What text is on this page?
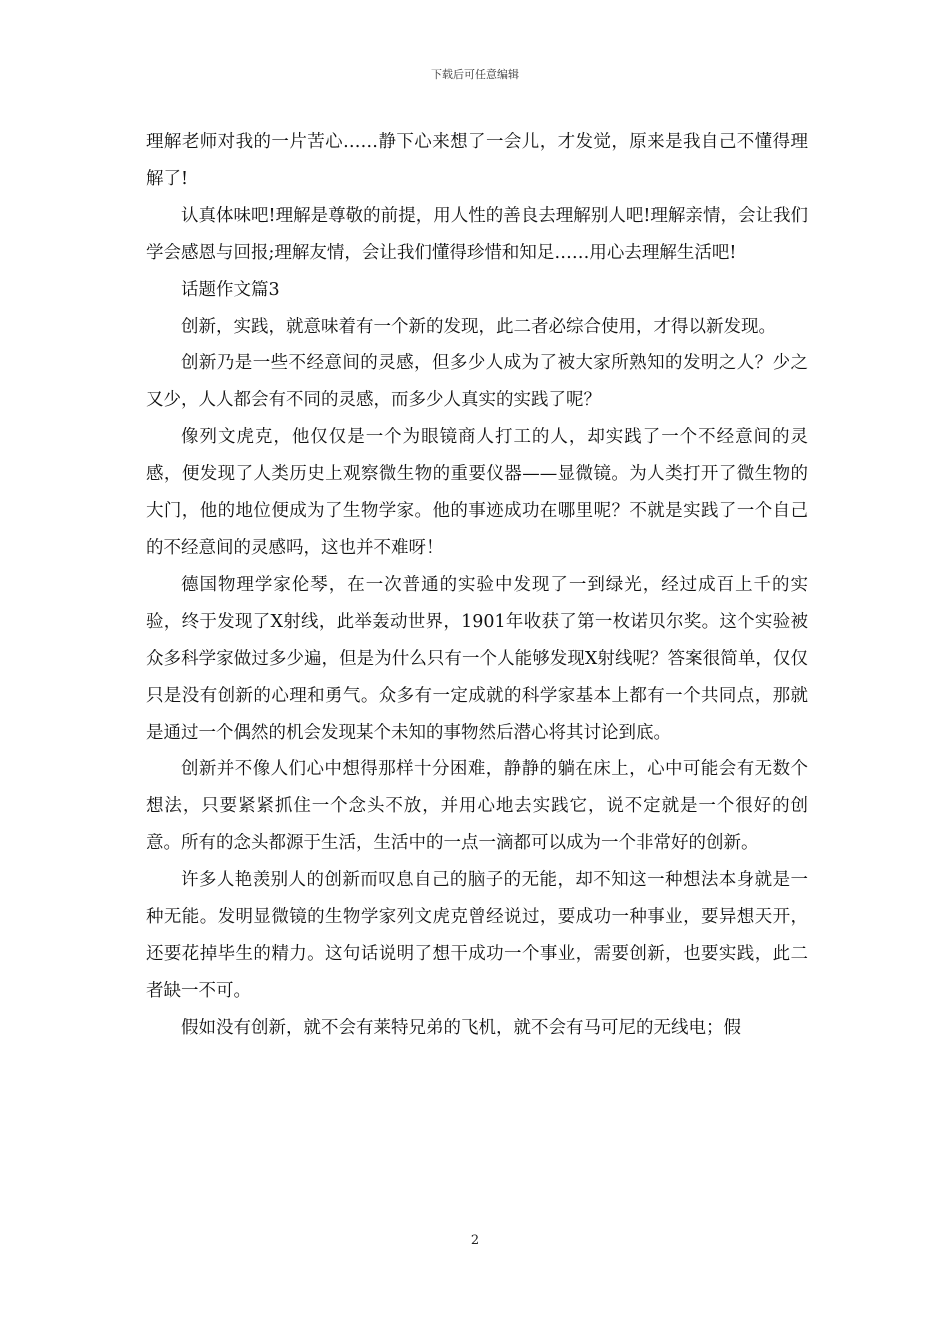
下载后可任意编辑

理解老师对我的一片苦心……静下心来想了一会儿，才发觉，原来是我自己不懂得理解了!

认真体味吧!理解是尊敬的前提，用人性的善良去理解别人吧!理解亲情，会让我们学会感恩与回报;理解友情，会让我们懂得珍惜和知足……用心去理解生活吧!

话题作文篇3

创新，实践，就意味着有一个新的发现，此二者必综合使用，才得以新发现。

创新乃是一些不经意间的灵感，但多少人成为了被大家所熟知的发明之人？少之又少，人人都会有不同的灵感，而多少人真实的实践了呢？

像列文虎克，他仅仅是一个为眼镜商人打工的人，却实践了一个不经意间的灵感，便发现了人类历史上观察微生物的重要仪器——显微镜。为人类打开了微生物的大门，他的地位便成为了生物学家。他的事迹成功在哪里呢？不就是实践了一个自己的不经意间的灵感吗，这也并不难呀！

德国物理学家伦琴，在一次普通的实验中发现了一到绿光，经过成百上千的实验，终于发现了X射线，此举轰动世界，1901年收获了第一枚诺贝尔奖。这个实验被众多科学家做过多少遍，但是为什么只有一个人能够发现X射线呢？答案很简单，仅仅只是没有创新的心理和勇气。众多有一定成就的科学家基本上都有一个共同点，那就是通过一个偶然的机会发现某个未知的事物然后潜心将其讨论到底。

创新并不像人们心中想得那样十分困难，静静的躺在床上，心中可能会有无数个想法，只要紧紧抓住一个念头不放，并用心地去实践它，说不定就是一个很好的创意。所有的念头都源于生活，生活中的一点一滴都可以成为一个非常好的创新。

许多人艳羡别人的创新而叹息自己的脑子的无能，却不知这一种想法本身就是一种无能。发明显微镜的生物学家列文虎克曾经说过，要成功一种事业，要异想天开，还要花掉毕生的精力。这句话说明了想干成功一个事业，需要创新，也要实践，此二者缺一不可。

假如没有创新，就不会有莱特兄弟的飞机，就不会有马可尼的无线电；假

2
